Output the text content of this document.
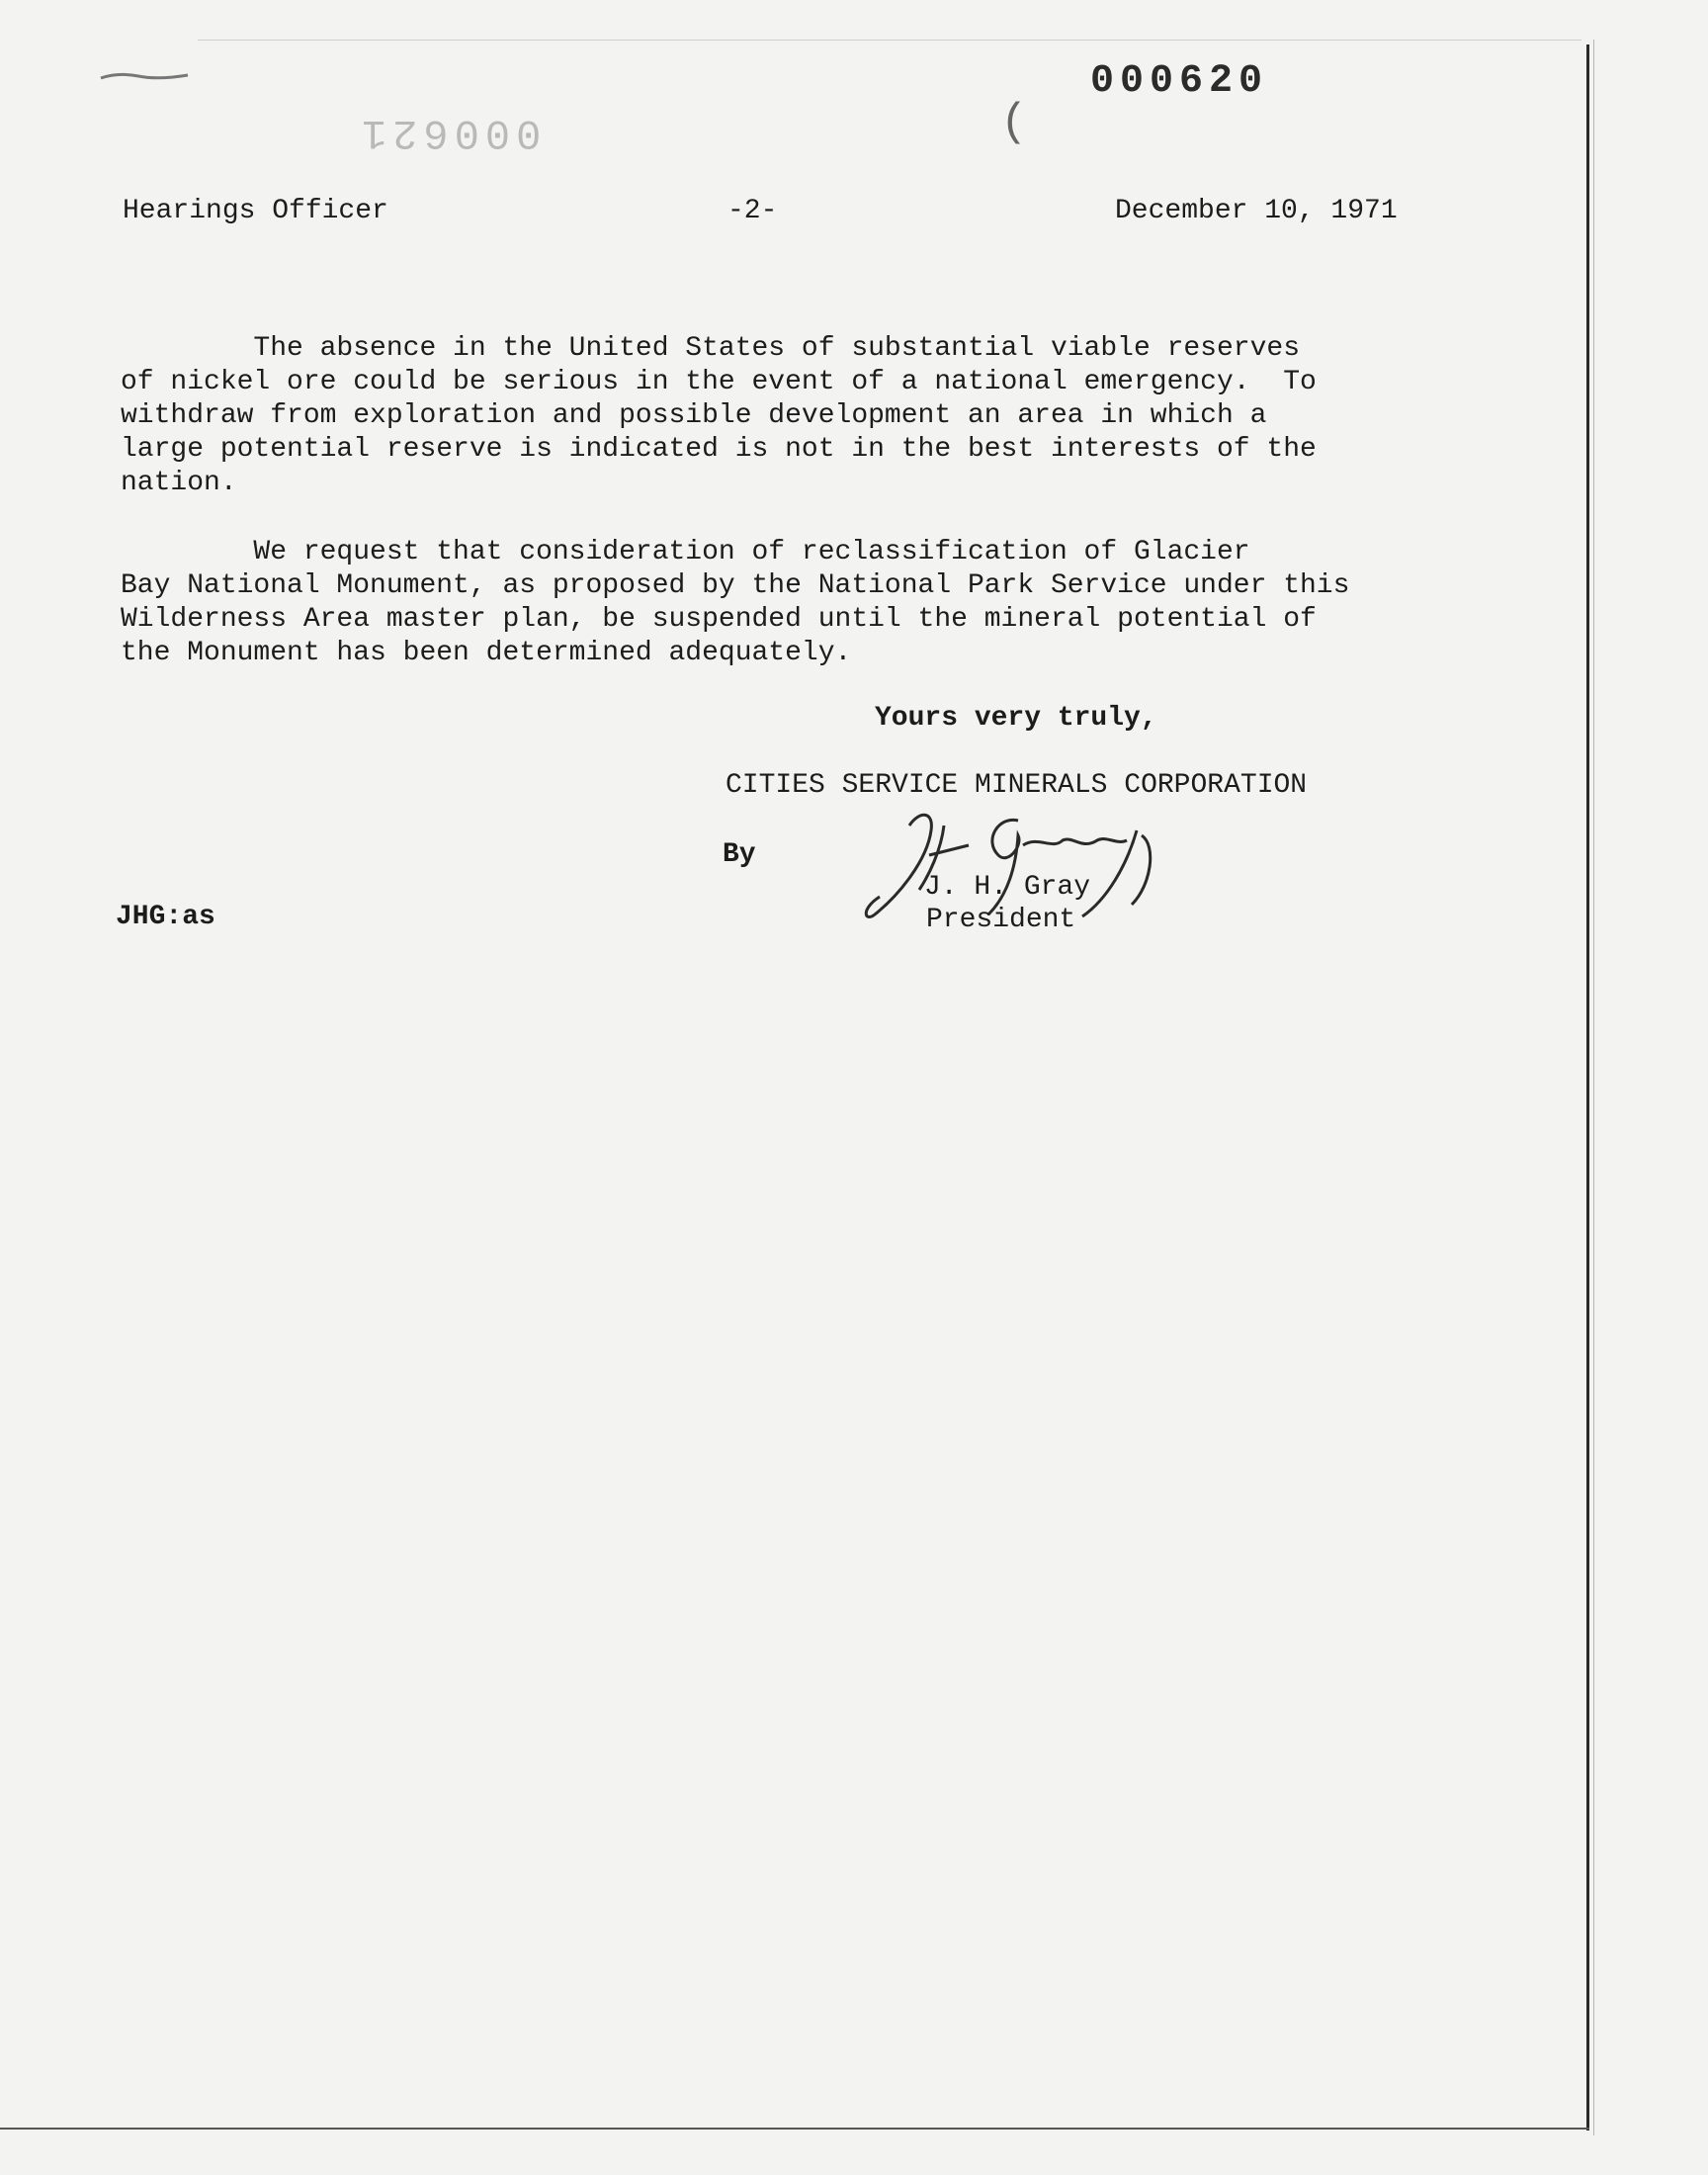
000621	(
000620
Hearings Officer	-2-	December 10, 1971

The absence in the United States of substantial viable reserves
of nickel ore could be serious in the event of a national emergency.  To
withdraw from exploration and possible development an area in which a
large potential reserve is indicated is not in the best interests of the
nation.

We request that consideration of reclassification of Glacier
Bay National Monument, as proposed by the National Park Service under this
Wilderness Area master plan, be suspended until the mineral potential of
the Monument has been determined adequately.

Yours very truly,
CITIES SERVICE MINERALS CORPORATION
By
J. H. Gray
President
JHG:as
